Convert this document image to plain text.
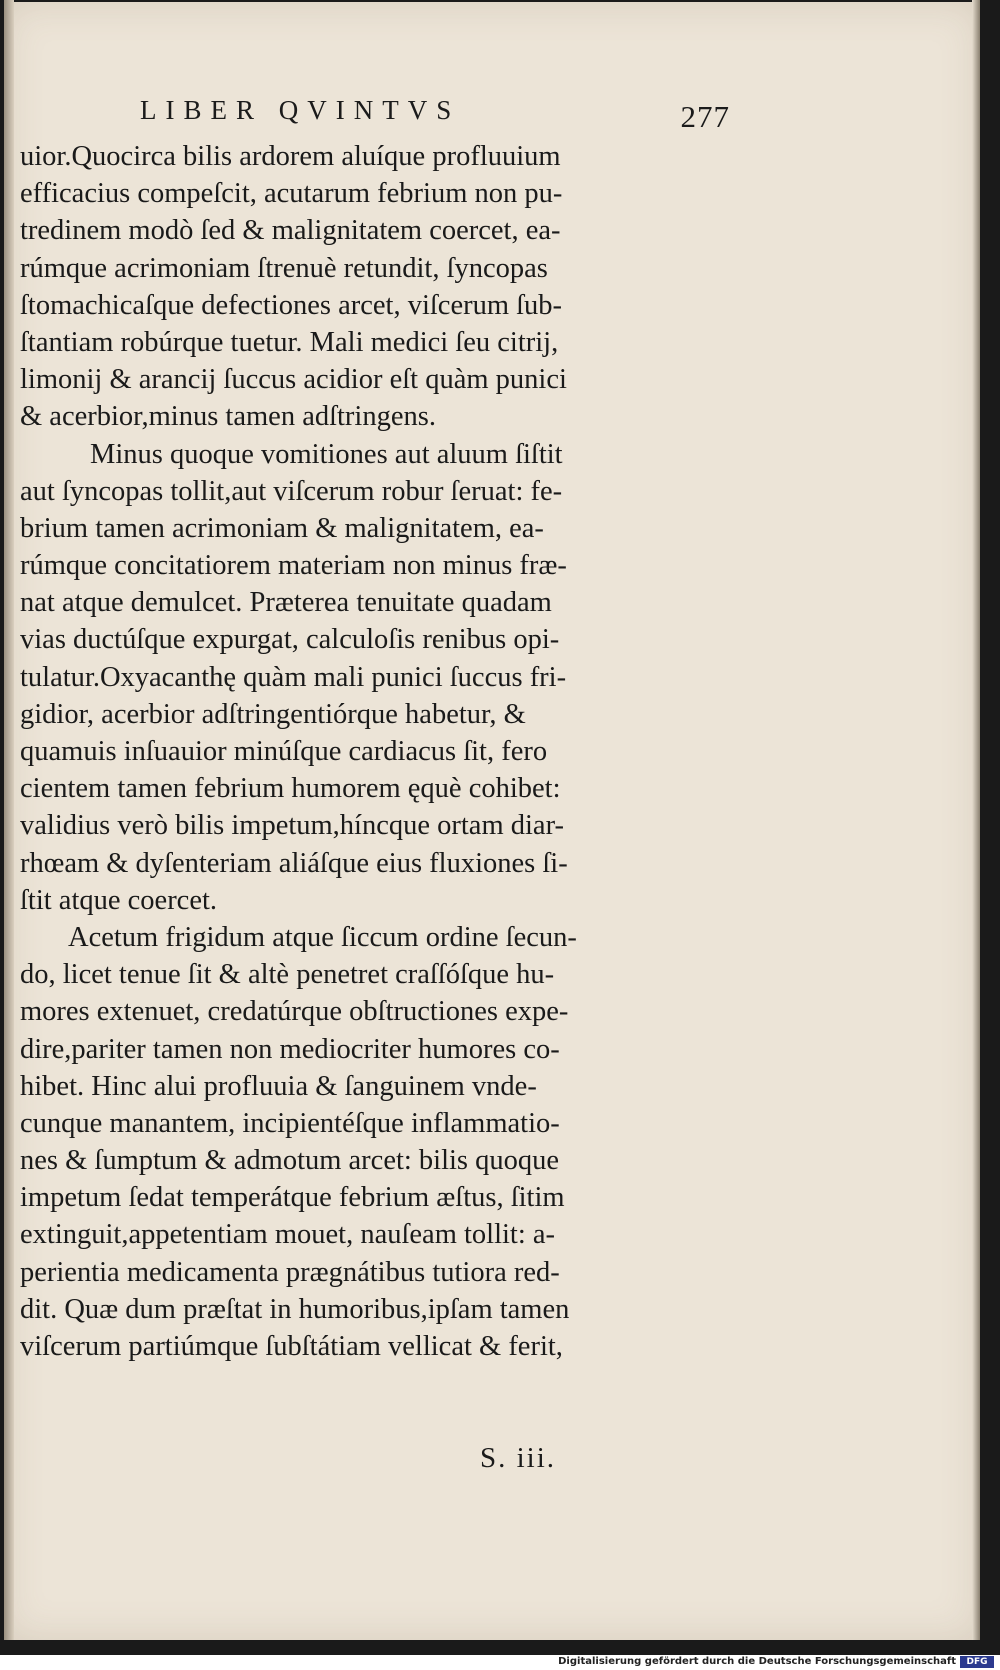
LIBER QVINTVS	277
uior.Quocirca bilis ardorem aluíque profluuium
efficacius compeſcit, acutarum febrium non pu-
tredinem modò ſed & malignitatem coercet, ea-
rúmque acrimoniam ſtrenuè retundit, ſyncopas
ſtomachicaſque defectiones arcet, viſcerum ſub-
ſtantiam robúrque tuetur. Mali medici ſeu citrij,
limonij & arancij ſuccus acidior eſt quàm punici
& acerbior,minus tamen adſtringens.
Minus quoque vomitiones aut aluum ſiſtit
aut ſyncopas tollit,aut viſcerum robur ſeruat: fe-
brium tamen acrimoniam & malignitatem, ea-
rúmque concitatiorem materiam non minus fræ-
nat atque demulcet. Præterea tenuitate quadam
vias ductúſque expurgat, calculoſis renibus opi-
tulatur.Oxyacanthę quàm mali punici ſuccus fri-
gidior, acerbior adſtringentiórque habetur, &
quamuis inſuauior minúſque cardiacus ſit, fero
cientem tamen febrium humorem ęquè cohibet:
validius verò bilis impetum,híncque ortam diar-
rhœam & dyſenteriam aliáſque eius fluxiones ſi-
ſtit atque coercet.
Acetum frigidum atque ſiccum ordine ſecun-
do, licet tenue ſit & altè penetret craſſóſque hu-
mores extenuet, credatúrque obſtructiones expe-
dire,pariter tamen non mediocriter humores co-
hibet. Hinc alui profluuia & ſanguinem vnde-
cunque manantem, incipientéſque inflammatio-
nes & ſumptum & admotum arcet: bilis quoque
impetum ſedat temperátque febrium æſtus, ſitim
extinguit,appetentiam mouet, nauſeam tollit: a-
perientia medicamenta prægnátibus tutiora red-
dit. Quæ dum præſtat in humoribus,ipſam tamen
viſcerum partiúmque ſubſtátiam vellicat & ferit,
S. iii.
Digitalisierung gefördert durch die Deutsche Forschungsgemeinschaft	DFG
